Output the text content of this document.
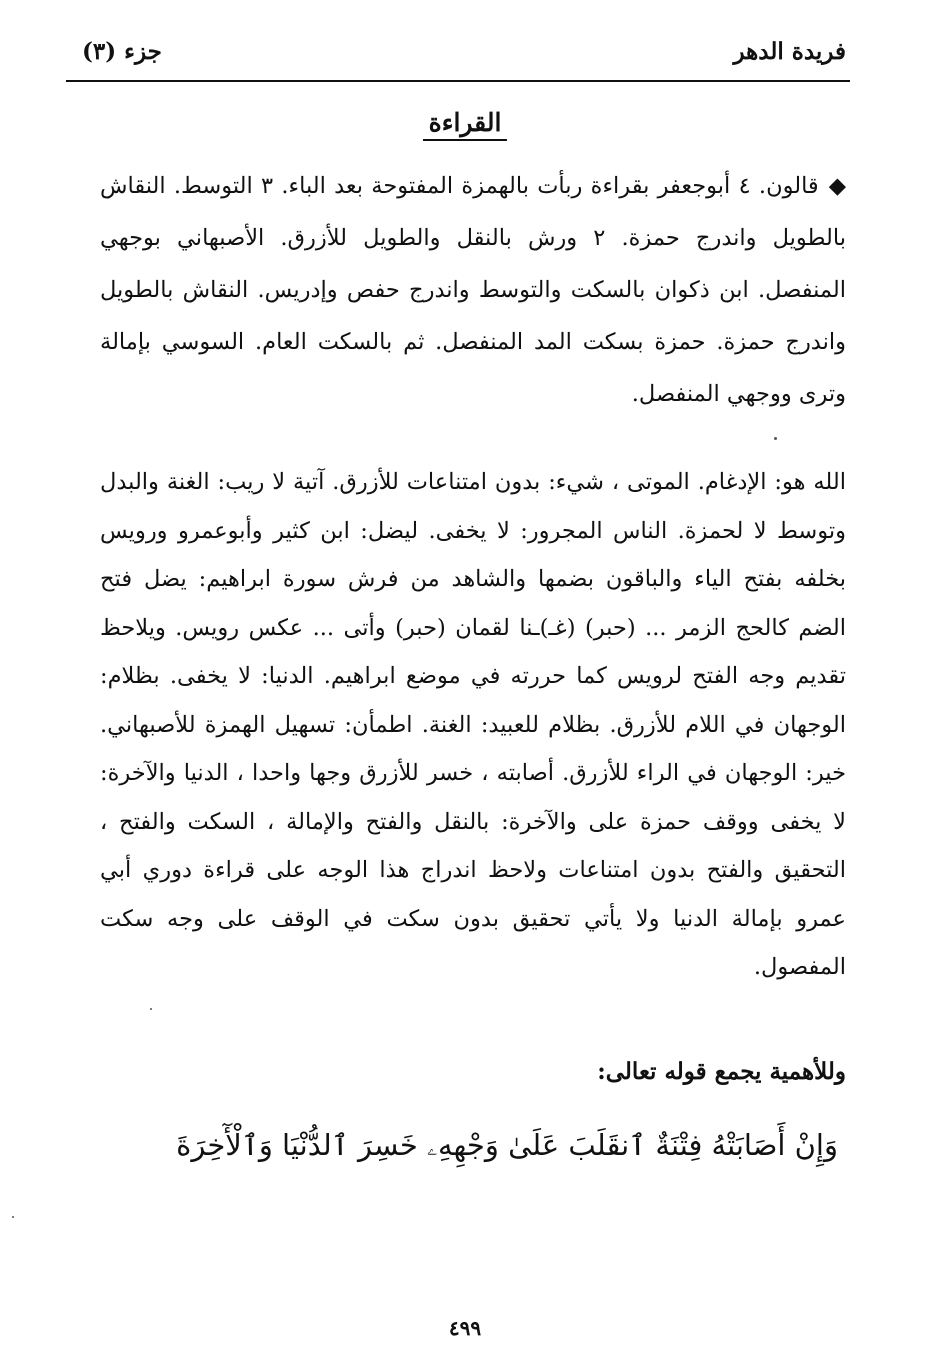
فريدة الدهر
جزء (٣)
القراءة

◆قالون. ٤ أبوجعفر بقراءة ربأت بالهمزة المفتوحة بعد الباء. ٣ التوسط. النقاش بالطويل واندرج حمزة. ٢ ورش بالنقل والطويل للأزرق. الأصبهاني بوجهي المنفصل. ابن ذكوان بالسكت والتوسط واندرج حفص وإدريس. النقاش بالطويل واندرج حمزة. حمزة بسكت المد المنفصل. ثم بالسكت العام. السوسي بإمالة وترى ووجهي المنفصل.

الله هو: الإدغام. الموتى ، شيء: بدون امتناعات للأزرق. آتية لا ريب: الغنة والبدل وتوسط لا لحمزة. الناس المجرور: لا يخفى. ليضل: ابن كثير وأبوعمرو ورويس بخلفه بفتح الياء والباقون بضمها والشاهد من فرش سورة ابراهيم: يضل فتح الضم كالحج الزمر ... (حبر) (غـ)ـنا لقمان (حبر) وأتى ... عكس رويس. ويلاحظ تقديم وجه الفتح لرويس كما حررته في موضع ابراهيم. الدنيا: لا يخفى. بظلام: الوجهان في اللام للأزرق. بظلام للعبيد: الغنة. اطمأن: تسهيل الهمزة للأصبهاني. خير: الوجهان في الراء للأزرق. أصابته ، خسر للأزرق وجها واحدا ، الدنيا والآخرة: لا يخفى ووقف حمزة على والآخرة: بالنقل والفتح والإمالة ، السكت والفتح ، التحقيق والفتح بدون امتناعات ولاحظ اندراج هذا الوجه على قراءة دوري أبي عمرو بإمالة الدنيا ولا يأتي تحقيق بدون سكت في الوقف على وجه سكت المفصول.

وللأهمية يجمع قوله تعالى:
وَإِنْ أَصَابَتْهُ فِتْنَةٌ ٱنقَلَبَ عَلَىٰ وَجْهِهِۦ خَسِرَ ٱلدُّنْيَا وَٱلْأٓخِرَةَ
٤٩٩
